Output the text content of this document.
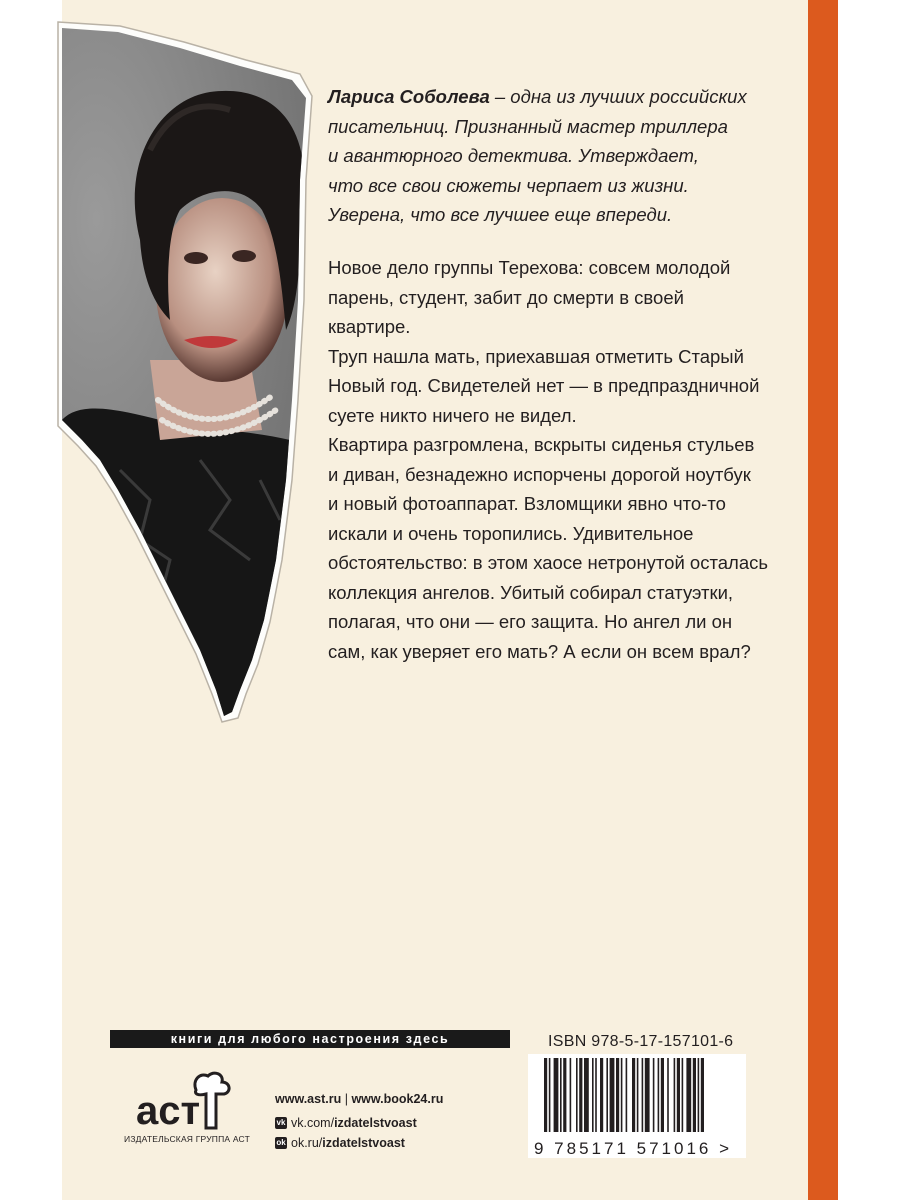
Лариса Соболева – одна из лучших российских
писательниц. Признанный мастер триллера
и авантюрного детектива. Утверждает,
что все свои сюжеты черпает из жизни.
Уверена, что все лучшее еще впереди.

Новое дело группы Терехова: совсем молодой

парень, студент, забит до смерти в своей квартире.

Труп нашла мать, приехавшая отметить Старый

Новый год. Свидетелей нет — в предпраздничной

суете никто ничего не видел.

Квартира разгромлена, вскрыты сиденья стульев

и диван, безнадежно испорчены дорогой ноутбук

и новый фотоаппарат. Взломщики явно что-то

искали и очень торопились. Удивительное

обстоятельство: в этом хаосе нетронутой осталась

коллекция ангелов. Убитый собирал статуэтки,

полагая, что они — его защита. Но ангел ли он

сам, как уверяет его мать? А если он всем врал?

книги для любого настроения здесь
аст
ИЗДАТЕЛЬСКАЯ ГРУППА АСТ
www.ast.ru | www.book24.ru
vk vk.com/izdatelstvoast
ok ok.ru/izdatelstvoast
ISBN 978-5-17-157101-6
9 785171 571016 >
